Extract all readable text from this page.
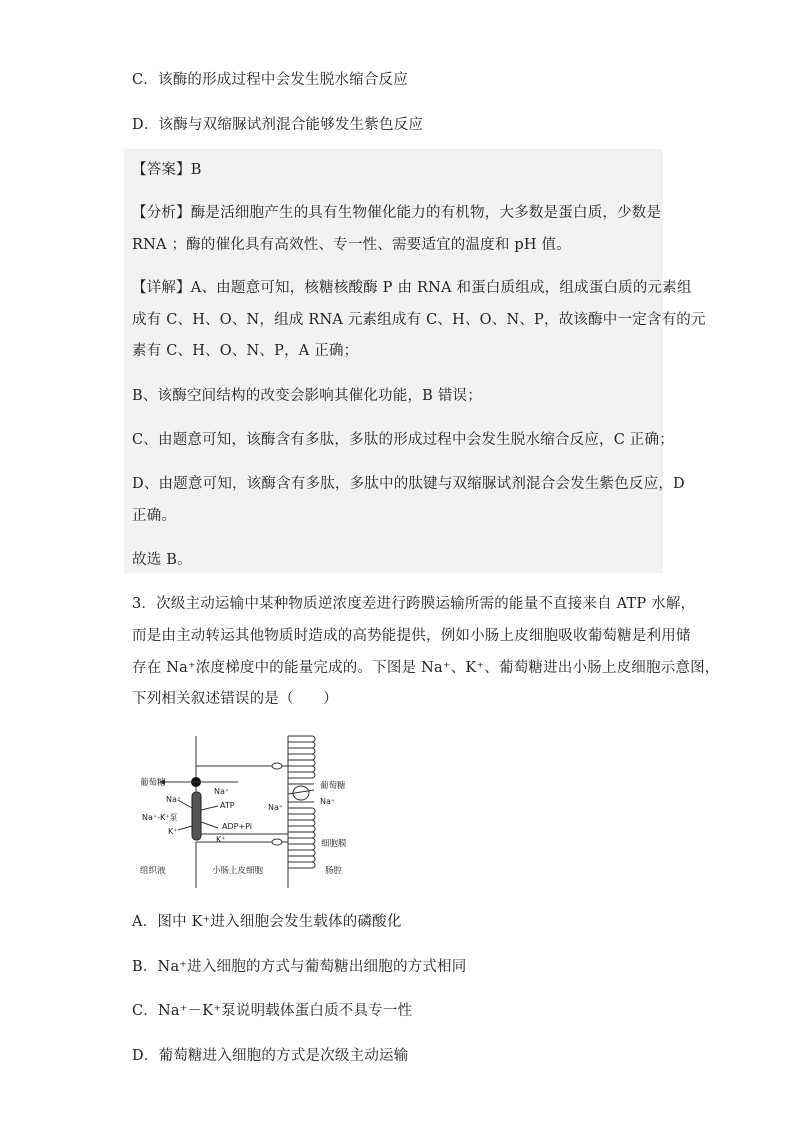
C．该酶的形成过程中会发生脱水缩合反应
D．该酶与双缩脲试剂混合能够发生紫色反应
【答案】B
【分析】酶是活细胞产生的具有生物催化能力的有机物，大多数是蛋白质，少数是
RNA ；酶的催化具有高效性、专一性、需要适宜的温度和 pH 值。
【详解】A、由题意可知，核糖核酸酶 P 由 RNA 和蛋白质组成，组成蛋白质的元素组
成有 C、H、O、N，组成 RNA 元素组成有 C、H、O、N、P，故该酶中一定含有的元
素有 C、H、O、N、P，A 正确；
B、该酶空间结构的改变会影响其催化功能，B 错误；
C、由题意可知，该酶含有多肽，多肽的形成过程中会发生脱水缩合反应，C 正确；
D、由题意可知，该酶含有多肽，多肽中的肽键与双缩脲试剂混合会发生紫色反应，D
正确。
故选 B。
3．次级主动运输中某种物质逆浓度差进行跨膜运输所需的能量不直接来自 ATP 水解，
而是由主动转运其他物质时造成的高势能提供，例如小肠上皮细胞吸收葡萄糖是利用储
存在 Na⁺浓度梯度中的能量完成的。下图是 Na⁺、K⁺、葡萄糖进出小肠上皮细胞示意图，
下列相关叙述错误的是（　　）
葡萄糖
Na⁺
Na⁺
ATP
Na⁺-K⁺泵
ADP+Pi
K⁺
K⁺
葡萄糖
Na⁺
Na⁺
细胞膜
组织液	小肠上皮细胞	肠腔
A．图中 K⁺进入细胞会发生载体的磷酸化
B．Na⁺进入细胞的方式与葡萄糖出细胞的方式相同
C．Na⁺－K⁺泵说明载体蛋白质不具专一性
D．葡萄糖进入细胞的方式是次级主动运输
